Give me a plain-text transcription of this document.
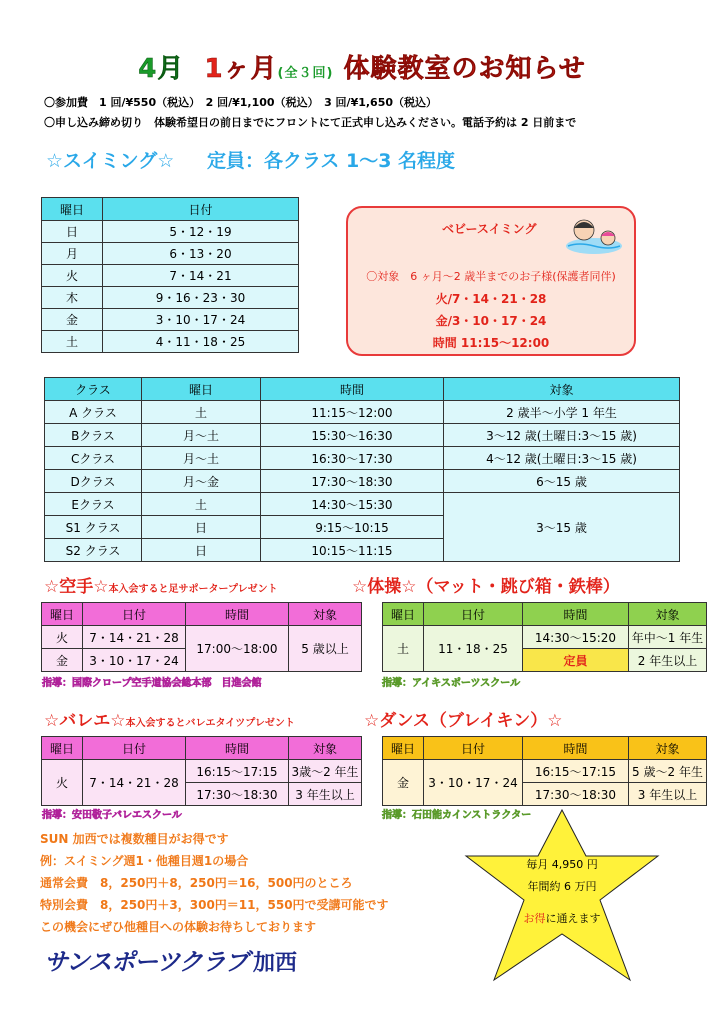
4月 1ヶ月(全３回) 体験教室のお知らせ
〇参加費　1 回/¥550（税込）　2 回/¥1,100（税込）　3 回/¥1,650（税込）
〇申し込み締め切り　体験希望日の前日までにフロントにて正式申し込みください。電話予約は 2 日前まで
☆スイミング☆ 定員：各クラス 1～3 名程度
曜日	日付
日	5・12・19
月	6・13・20
火	7・14・21
木	9・16・23・30
金	3・10・17・24
土	4・11・18・25
ベビースイミング
〇対象　6 ヶ月～2 歳半までのお子様(保護者同伴)
火/7・14・21・28
金/3・10・17・24
時間 11:15～12:00
クラス	曜日	時間	対象
A クラス	土	11:15～12:00	2 歳半～小学 1 年生
Bクラス	月～土	15:30～16:30	3～12 歳(土曜日:3～15 歳)
Cクラス	月～土	16:30～17:30	4～12 歳(土曜日:3～15 歳)
Dクラス	月～金	17:30～18:30	6～15 歳
Eクラス	土	14:30～15:30	3～15 歳
S1 クラス	日	9:15～10:15	
S2 クラス	日	10:15～11:15	
☆空手☆本入会すると足サポータープレゼント
曜日	日付	時間	対象
火	7・14・21・28	17:00～18:00	5 歳以上
金	3・10・17・24		
指導：国際クロープ空手道協会総本部　目進会館
☆体操☆（マット・跳び箱・鉄棒）
曜日	日付	時間	対象
土	11・18・25	14:30～15:20	年中～1 年生
		定員	2 年生以上
指導：アイキスポーツスクール
☆バレエ☆本入会するとバレエタイツプレゼント
曜日	日付	時間	対象
火	7・14・21・28	16:15～17:15	3歳～2 年生
		17:30～18:30	3 年生以上
指導：安田敬子バレエスクール
☆ダンス（ブレイキン）☆
曜日	日付	時間	対象
金	3・10・17・24	16:15～17:15	5 歳～2 年生
		17:30～18:30	3 年生以上
指導：石田能カインストラクター
SUN 加西では複数種目がお得です
例：スイミング週1・他種目週1の場合
通常会費　8，250円＋8，250円＝16，500円のところ
特別会費　8，250円＋3，300円＝11，550円で受講可能です
この機会にぜひ他種目への体験お待ちしております
毎月 4,950 円
年間約 6 万円
お得に通えます
サンスポーツクラブ 加西
